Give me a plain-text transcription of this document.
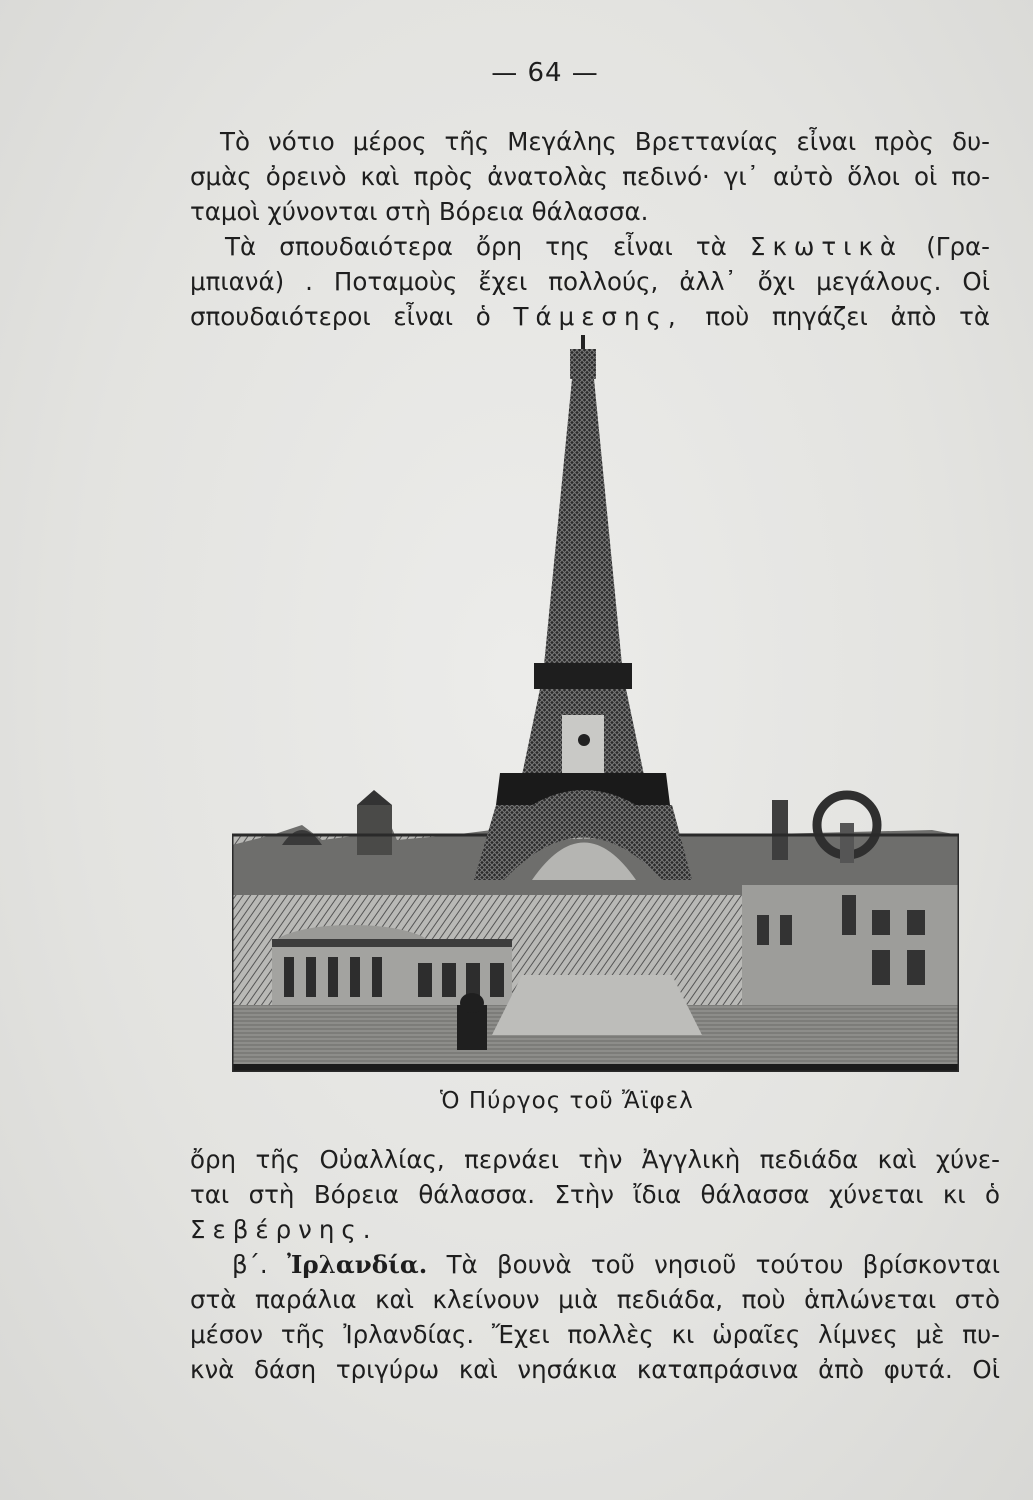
— 64 —
Τὸ νότιο μέρος τῆς Μεγάλης Βρεττανίας εἶναι πρὸς δυ-
σμὰς ὀρεινὸ καὶ πρὸς ἀνατολὰς πεδινό· γι᾽ αὐτὸ ὅλοι οἱ πο-
ταμοὶ χύνονται στὴ Βόρεια θάλασσα.
Τὰ σπουδαιότερα ὄρη της εἶναι τὰ Σκωτικὰ (Γρα-
μπιανά) . Ποταμοὺς ἔχει πολλούς, ἀλλ᾽ ὄχι μεγάλους. Οἱ
σπουδαιότεροι εἶναι ὁ Τάμεσης, ποὺ πηγάζει ἀπὸ τὰ
Ὁ Πύργος τοῦ Ἄϊφελ
ὄρη τῆς Οὐαλλίας, περνάει τὴν Ἀγγλικὴ πεδιάδα καὶ χύνε-
ται στὴ Βόρεια θάλασσα. Στὴν ἴδια θάλασσα χύνεται κι ὁ
Σεβέρνης.
β΄. Ἰρλανδία. Τὰ βουνὰ τοῦ νησιοῦ τούτου βρίσκονται
στὰ παράλια καὶ κλείνουν μιὰ πεδιάδα, ποὺ ἁπλώνεται στὸ
μέσον τῆς Ἰρλανδίας. Ἔχει πολλὲς κι ὡραῖες λίμνες μὲ πυ-
κνὰ δάση τριγύρω καὶ νησάκια καταπράσινα ἀπὸ φυτά. Οἱ
